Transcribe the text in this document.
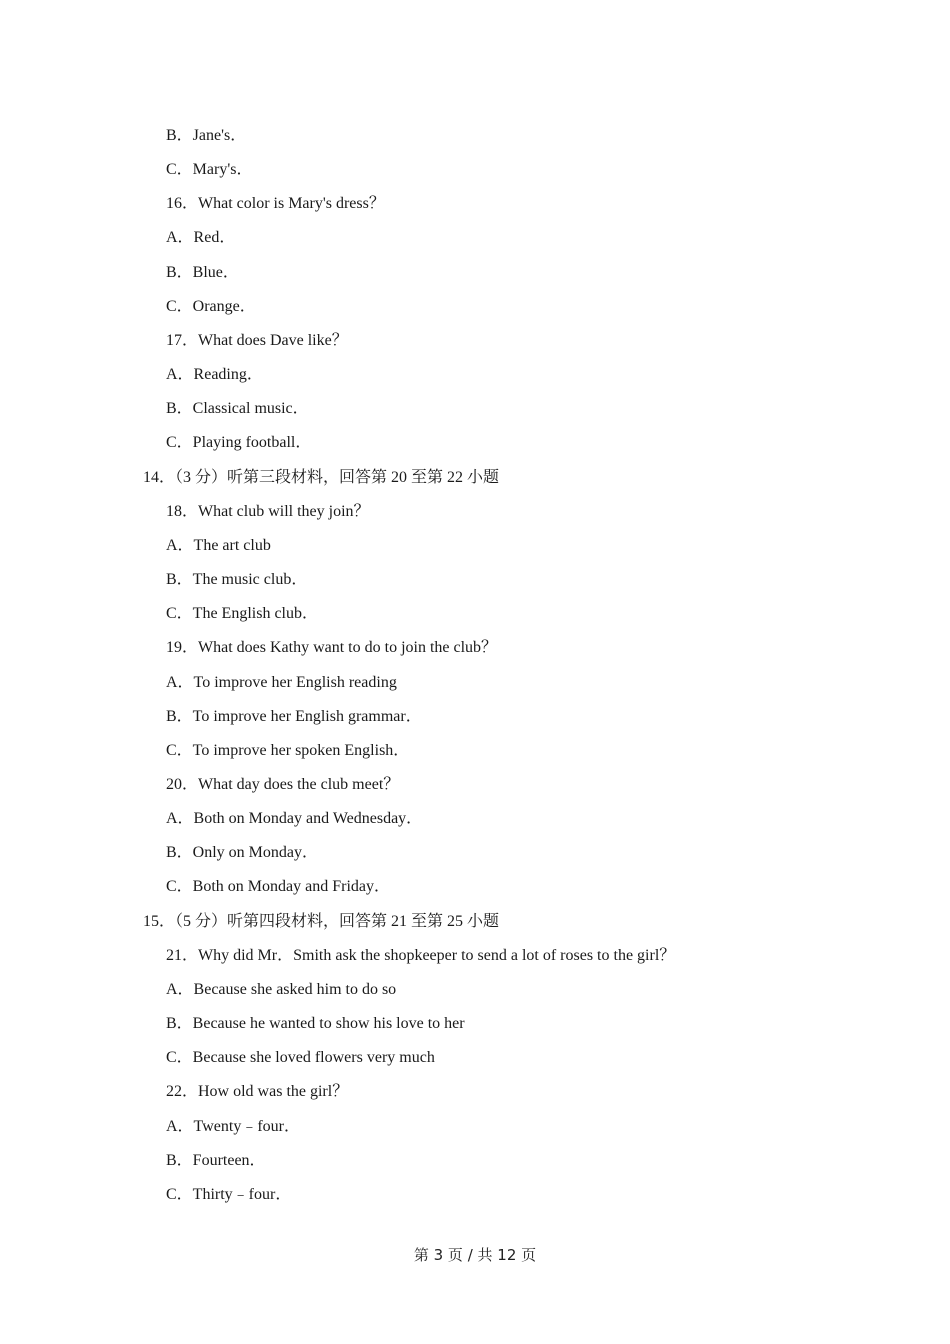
B．Jane's．
C．Mary's．
16．What color is Mary's dress？
A．Red．
B．Blue．
C．Orange．
17．What does Dave like？
A．Reading．
B．Classical music．
C．Playing football．
14．（3 分）听第三段材料，回答第 20 至第 22 小题
18．What club will they join？
A．The art club
B．The music club．
C．The English club．
19．What does Kathy want to do to join the club？
A．To improve her English reading
B．To improve her English grammar．
C．To improve her spoken English．
20．What day does the club meet？
A．Both on Monday and Wednesday．
B．Only on Monday．
C．Both on Monday and Friday．
15．（5 分）听第四段材料，回答第 21 至第 25 小题
21．Why did Mr．Smith ask the shopkeeper to send a lot of roses to the girl？
A．Because she asked him to do so
B．Because he wanted to show his love to her
C．Because she loved flowers very much
22．How old was the girl？
A．Twenty﹣four．
B．Fourteen．
C．Thirty﹣four．
第 3 页 / 共 12 页
